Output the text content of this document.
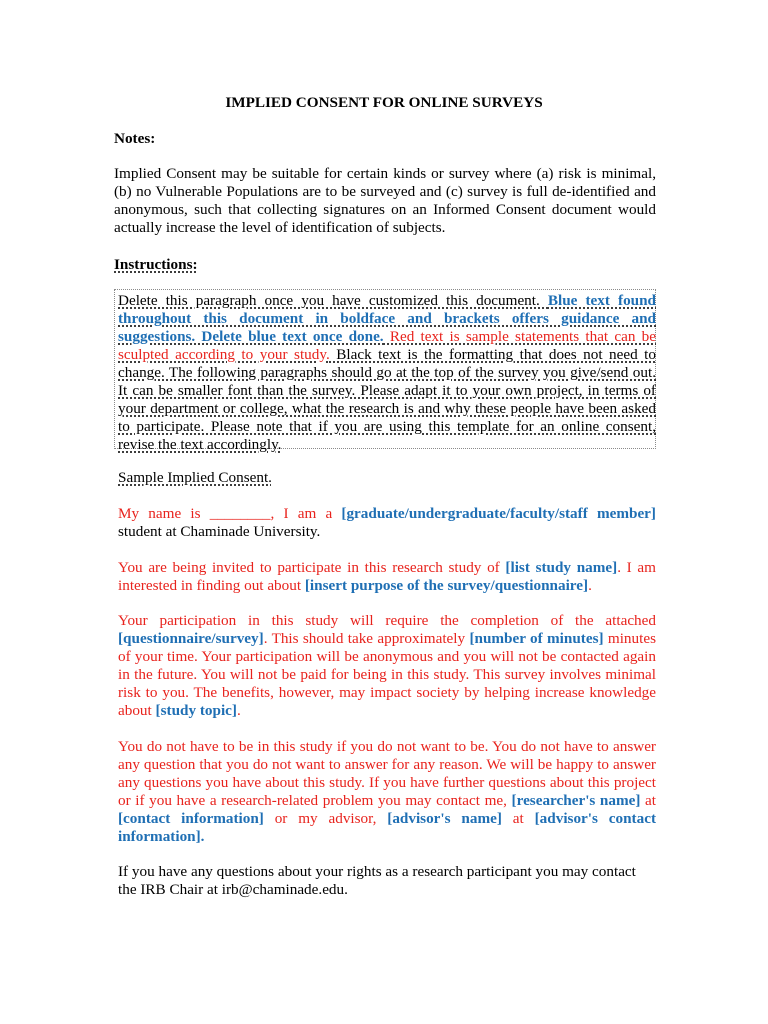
IMPLIED CONSENT FOR ONLINE SURVEYS
Notes:

Implied Consent may be suitable for certain kinds or survey where (a) risk is minimal, (b) no Vulnerable Populations are to be surveyed and (c) survey is full de-identified and anonymous, such that collecting signatures on an Informed Consent document would actually increase the level of identification of subjects.

Instructions:

Delete this paragraph once you have customized this document. Blue text found throughout this document in boldface and brackets offers guidance and suggestions. Delete blue text once done. Red text is sample statements that can be sculpted according to your study. Black text is the formatting that does not need to change. The following paragraphs should go at the top of the survey you give/send out. It can be smaller font than the survey. Please adapt it to your own project, in terms of your department or college, what the research is and why these people have been asked to participate. Please note that if you are using this template for an online consent, revise the text accordingly.

Sample Implied Consent.

My name is ________, I am a [graduate/undergraduate/faculty/staff member] student at Chaminade University.

You are being invited to participate in this research study of [list study name]. I am interested in finding out about [insert purpose of the survey/questionnaire].

Your participation in this study will require the completion of the attached [questionnaire/survey]. This should take approximately [number of minutes] minutes of your time. Your participation will be anonymous and you will not be contacted again in the future. You will not be paid for being in this study. This survey involves minimal risk to you. The benefits, however, may impact society by helping increase knowledge about [study topic].

You do not have to be in this study if you do not want to be. You do not have to answer any question that you do not want to answer for any reason. We will be happy to answer any questions you have about this study. If you have further questions about this project or if you have a research-related problem you may contact me, [researcher's name] at [contact information] or my advisor, [advisor's name] at [advisor's contact information].

If you have any questions about your rights as a research participant you may contact the IRB Chair at irb@chaminade.edu.
